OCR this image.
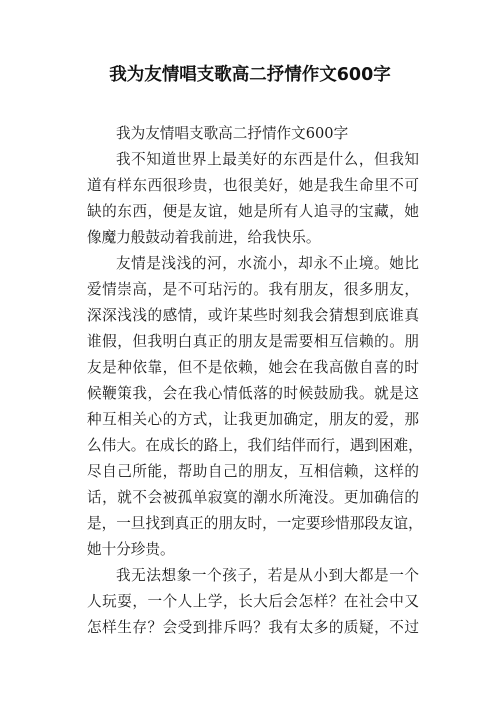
我为友情唱支歌高二抒情作文600字
我为友情唱支歌高二抒情作文600字
我不知道世界上最美好的东西是什么，但我知
道有样东西很珍贵，也很美好，她是我生命里不可
缺的东西，便是友谊，她是所有人追寻的宝藏，她
像魔力般鼓动着我前进，给我快乐。
友情是浅浅的河，水流小，却永不止境。她比
爱情崇高，是不可玷污的。我有朋友，很多朋友，
深深浅浅的感情，或许某些时刻我会猜想到底谁真
谁假，但我明白真正的朋友是需要相互信赖的。朋
友是种依靠，但不是依赖，她会在我高傲自喜的时
候鞭策我，会在我心情低落的时候鼓励我。就是这
种互相关心的方式，让我更加确定，朋友的爱，那
么伟大。在成长的路上，我们结伴而行，遇到困难，
尽自己所能，帮助自己的朋友，互相信赖，这样的
话，就不会被孤单寂寞的潮水所淹没。更加确信的
是，一旦找到真正的朋友时，一定要珍惜那段友谊，
她十分珍贵。
我无法想象一个孩子，若是从小到大都是一个
人玩耍，一个人上学，长大后会怎样？在社会中又
怎样生存？会受到排斥吗？我有太多的质疑，不过
